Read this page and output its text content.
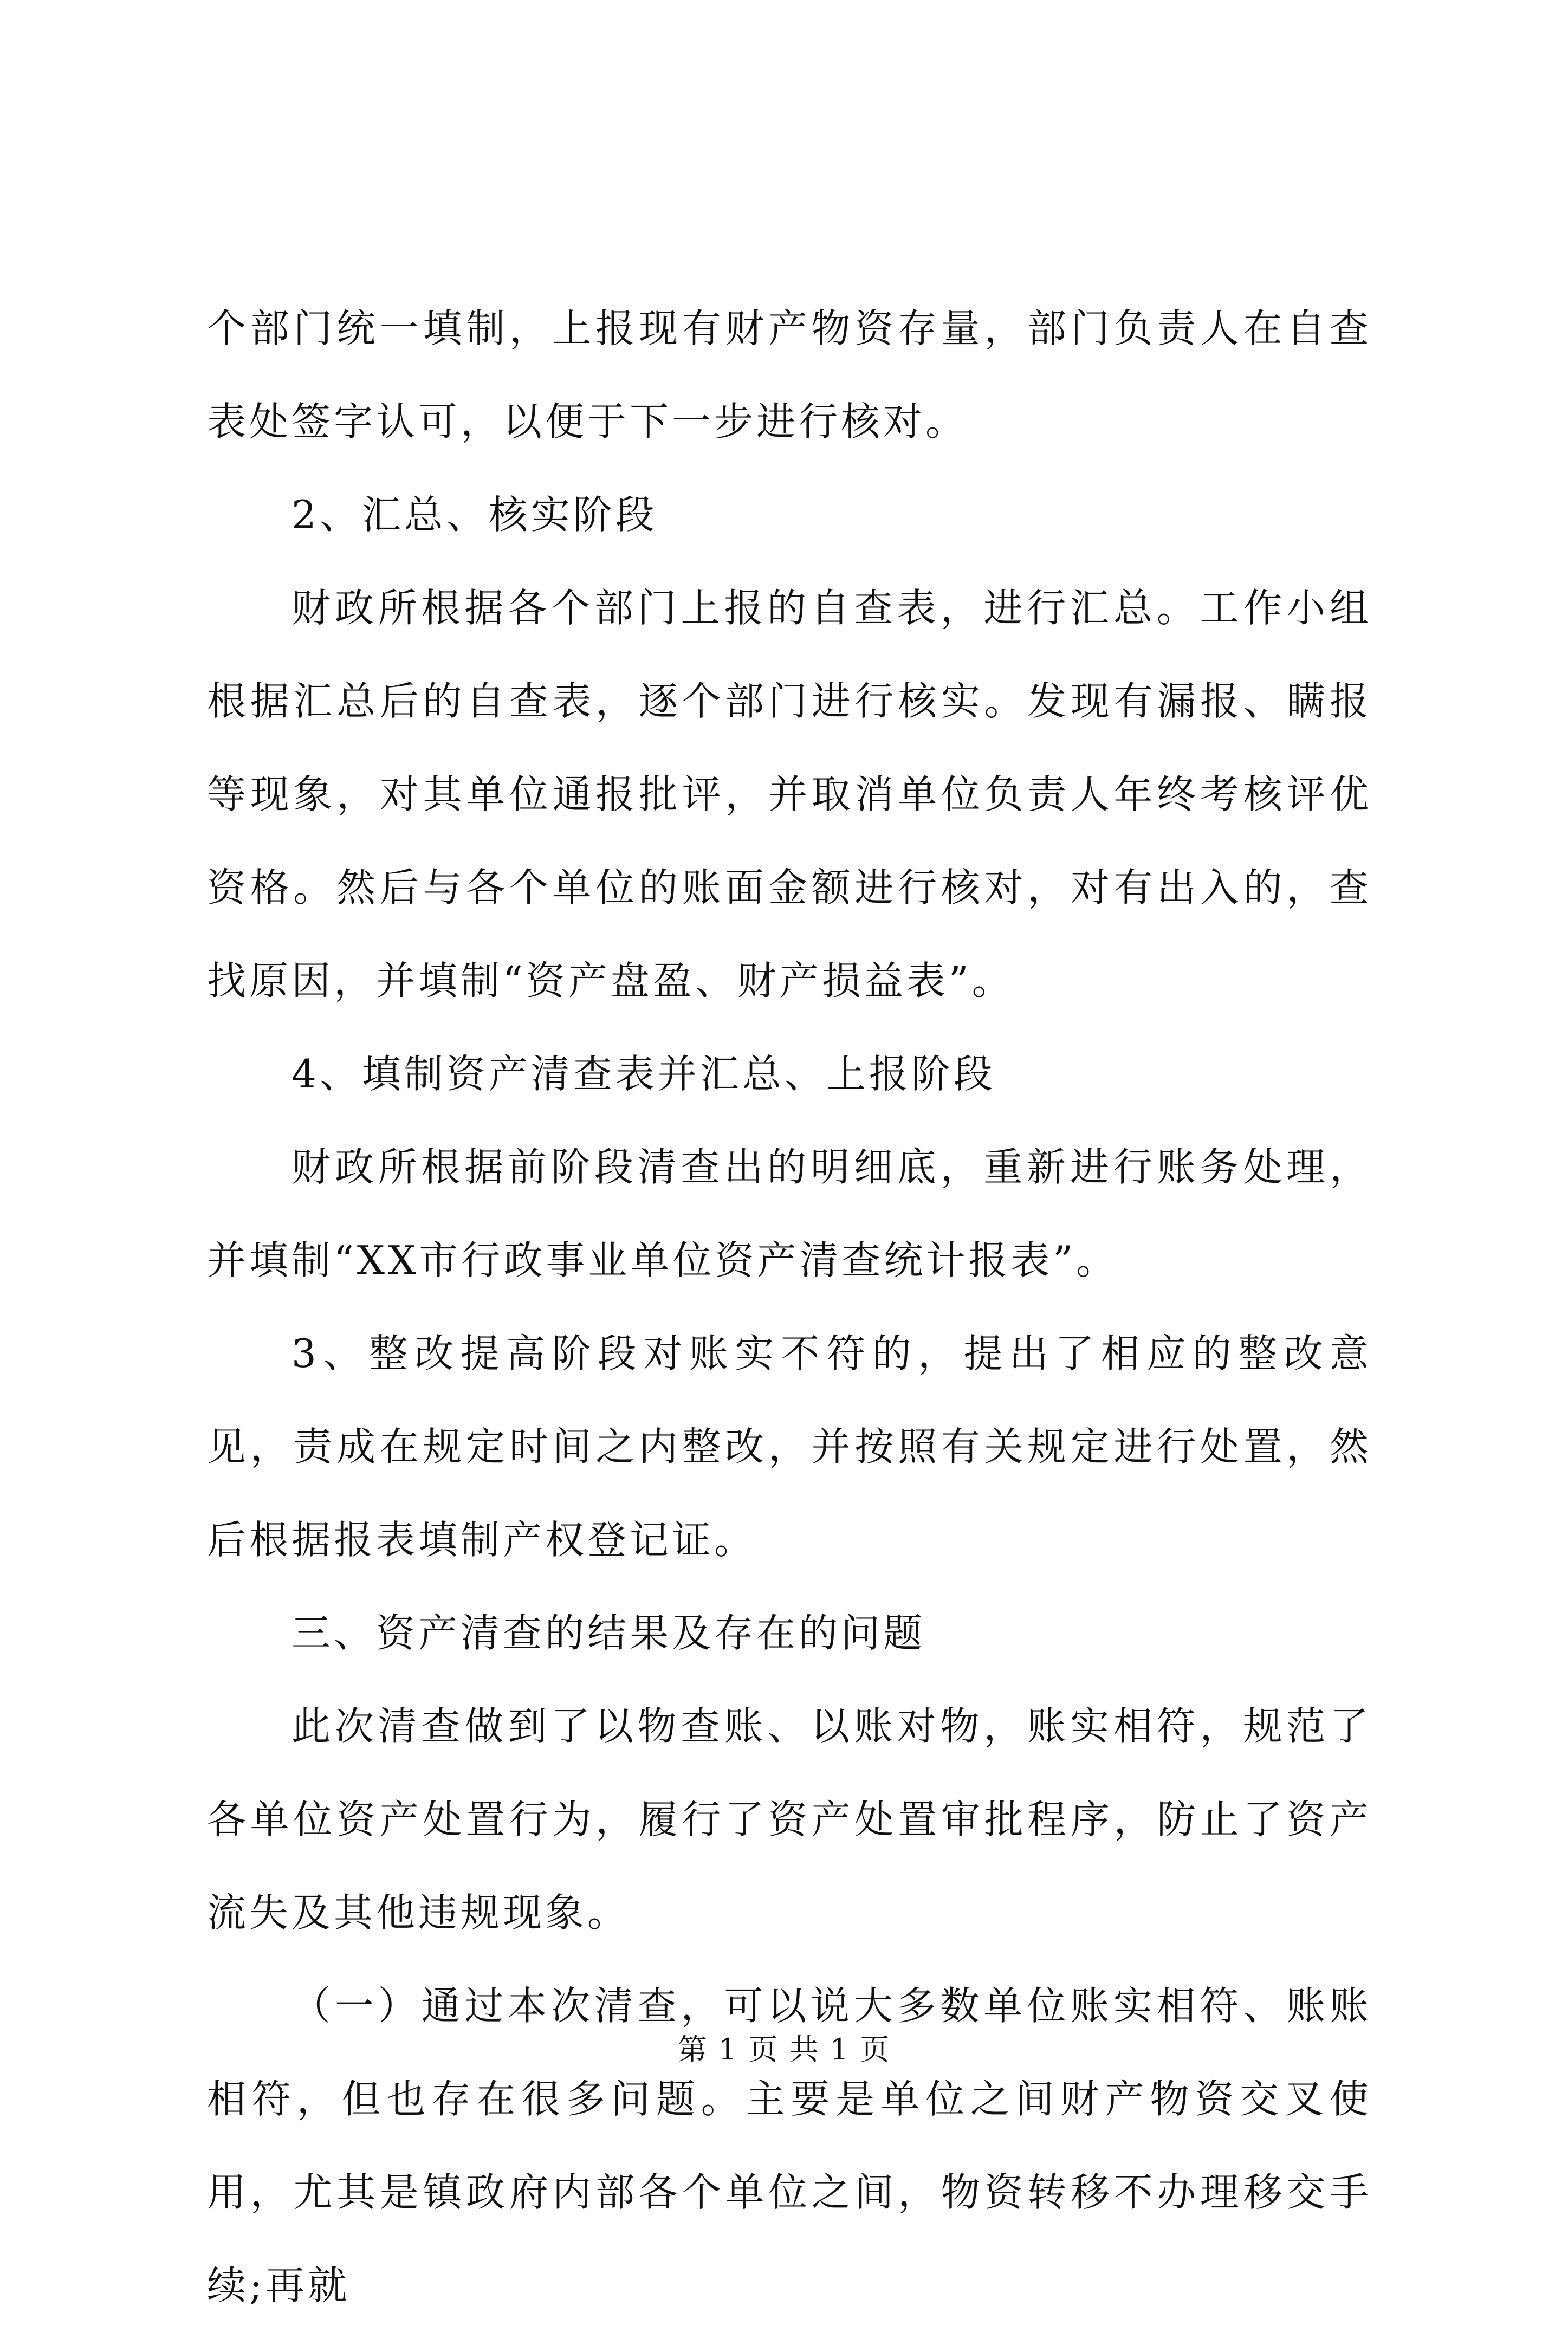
个部门统一填制，上报现有财产物资存量，部门负责人在自查表处签字认可，以便于下一步进行核对。

2、汇总、核实阶段

财政所根据各个部门上报的自查表，进行汇总。工作小组根据汇总后的自查表，逐个部门进行核实。发现有漏报、瞒报等现象，对其单位通报批评，并取消单位负责人年终考核评优资格。然后与各个单位的账面金额进行核对，对有出入的，查找原因，并填制“资产盘盈、财产损益表”。

4、填制资产清查表并汇总、上报阶段

财政所根据前阶段清查出的明细底，重新进行账务处理，并填制“XX市行政事业单位资产清查统计报表”。

3、整改提高阶段对账实不符的，提出了相应的整改意见，责成在规定时间之内整改，并按照有关规定进行处置，然后根据报表填制产权登记证。

三、资产清查的结果及存在的问题

此次清查做到了以物查账、以账对物，账实相符，规范了各单位资产处置行为，履行了资产处置审批程序，防止了资产流失及其他违规现象。

（一）通过本次清查，可以说大多数单位账实相符、账账相符，但也存在很多问题。主要是单位之间财产物资交叉使用，尤其是镇政府内部各个单位之间，物资转移不办理移交手续;再就

第 1 页 共 1 页
